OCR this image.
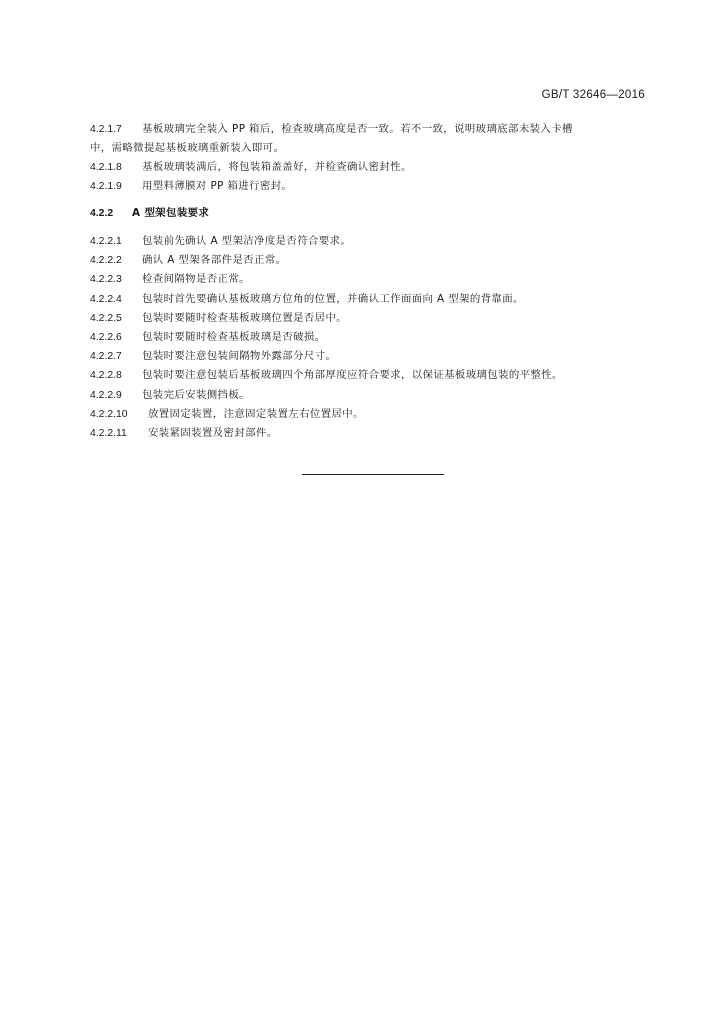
GB/T 32646—2016
4.2.1.7	基板玻璃完全装入 PP 箱后，检查玻璃高度是否一致。若不一致，说明玻璃底部未装入卡槽
中，需略微提起基板玻璃重新装入即可。
4.2.1.8	基板玻璃装满后，将包装箱盖盖好，并检查确认密封性。
4.2.1.9	用塑料薄膜对 PP 箱进行密封。
4.2.2	A 型架包装要求
4.2.2.1	包装前先确认 A 型架洁净度是否符合要求。
4.2.2.2	确认 A 型架各部件是否正常。
4.2.2.3	检查间隔物是否正常。
4.2.2.4	包装时首先要确认基板玻璃方位角的位置，并确认工作面面向 A 型架的背靠面。
4.2.2.5	包装时要随时检查基板玻璃位置是否居中。
4.2.2.6	包装时要随时检查基板玻璃是否破损。
4.2.2.7	包装时要注意包装间隔物外露部分尺寸。
4.2.2.8	包装时要注意包装后基板玻璃四个角部厚度应符合要求，以保证基板玻璃包装的平整性。
4.2.2.9	包装完后安装侧挡板。
4.2.2.10	放置固定装置，注意固定装置左右位置居中。
4.2.2.11	安装紧固装置及密封部件。
